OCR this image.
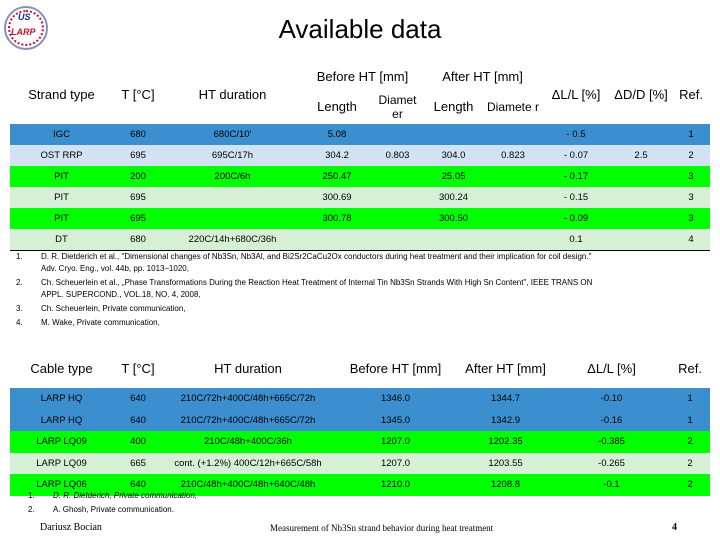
US
LARP	Available data
Strand type	T [°C]	HT duration	Before HT [mm]		After HT [mm]		ΔL/L [%]	ΔD/D [%]	Ref.
			Length	Diamet er	Length	Diamete r			
IGC	680	680C/10'	5.08				- 0.5		1
OST RRP	695	695C/17h	304.2	0.803	304.0	0.823	- 0.07	2.5	2
PIT	200	200C/6h	250.47		25.05		- 0.17		3
PIT	695		300.69		300.24		- 0.15		3
PIT	695		300.78		300.50		- 0.09		3
DT	680	220C/14h+680C/36h					0.1		4
1. D. R. Dietderich et al., "Dimensional changes of Nb3Sn, Nb3Al, and Bi2Sr2CaCu2Ox conductors during heat treatment and their implication for coil design."
Adv. Cryo. Eng., vol. 44b, pp. 1013–1020,
2. Ch. Scheuerlein et al., „Phase Transformations During the Reaction Heat Treatment of Internal Tin Nb3Sn Strands With High Sn Content", IEEE TRANS ON
APPL. SUPERCOND., VOL.18, NO. 4, 2008,
3. Ch. Scheuerlein, Private communication,
4. M. Wake, Private communication,
Cable type	T [°C]	HT duration	Before HT [mm]	After HT [mm]	ΔL/L [%]	Ref.
LARP HQ	640	210C/72h+400C/48h+665C/72h	1346.0	1344.7	-0.10	1
LARP HQ	640	210C/72h+400C/48h+665C/72h	1345.0	1342.9	-0.16	1
LARP LQ09	400	210C/48h+400C/36h	1207.0	1202.35	-0.385	2
LARP LQ09	665	cont. (+1.2%) 400C/12h+665C/58h	1207.0	1203.55	-0.265	2
LARP LQ06	640	210C/48h+400C/48h+640C/48h	1210.0	1208.8	-0.1	2
1. D. R. Dietderich, Private communication,
2. A. Ghosh, Private communication.
Dariusz Bocian	Measurement of Nb3Sn strand behavior during heat treatment	4
